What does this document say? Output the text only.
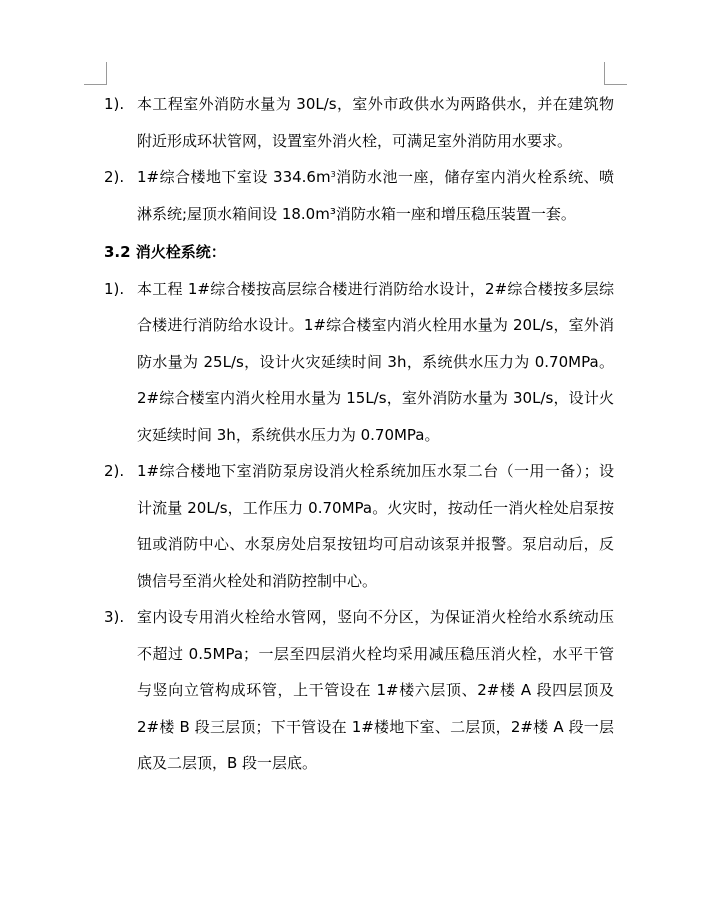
1). 本工程室外消防水量为 30L/s，室外市政供水为两路供水，并在建筑物附近形成环状管网，设置室外消火栓，可满足室外消防用水要求。
2). 1#综合楼地下室设 $334.6m^3$消防水池一座，储存室内消火栓系统、喷淋系统;屋顶水箱间设 18.0m³消防水箱一座和增压稳压装置一套。
3.2 消火栓系统：
1). 本工程 1#综合楼按高层综合楼进行消防给水设计，2#综合楼按多层综合楼进行消防给水设计。1#综合楼室内消火栓用水量为 20L/s，室外消防水量为 25L/s，设计火灾延续时间 3h，系统供水压力为 0.70MPa。2#综合楼室内消火栓用水量为 15L/s，室外消防水量为 30L/s，设计火灾延续时间 3h，系统供水压力为 0.70MPa。
2). 1#综合楼地下室消防泵房设消火栓系统加压水泵二台（一用一备）；设计流量 20L/s，工作压力 0.70MPa。火灾时，按动任一消火栓处启泵按钮或消防中心、水泵房处启泵按钮均可启动该泵并报警。泵启动后，反馈信号至消火栓处和消防控制中心。
3). 室内设专用消火栓给水管网，竖向不分区，为保证消火栓给水系统动压不超过 0.5MPa；一层至四层消火栓均采用减压稳压消火栓，水平干管与竖向立管构成环管，上干管设在 1#楼六层顶、2#楼 A 段四层顶及 2#楼 B 段三层顶；下干管设在 1#楼地下室、二层顶，2#楼 A 段一层底及二层顶，B 段一层底。
